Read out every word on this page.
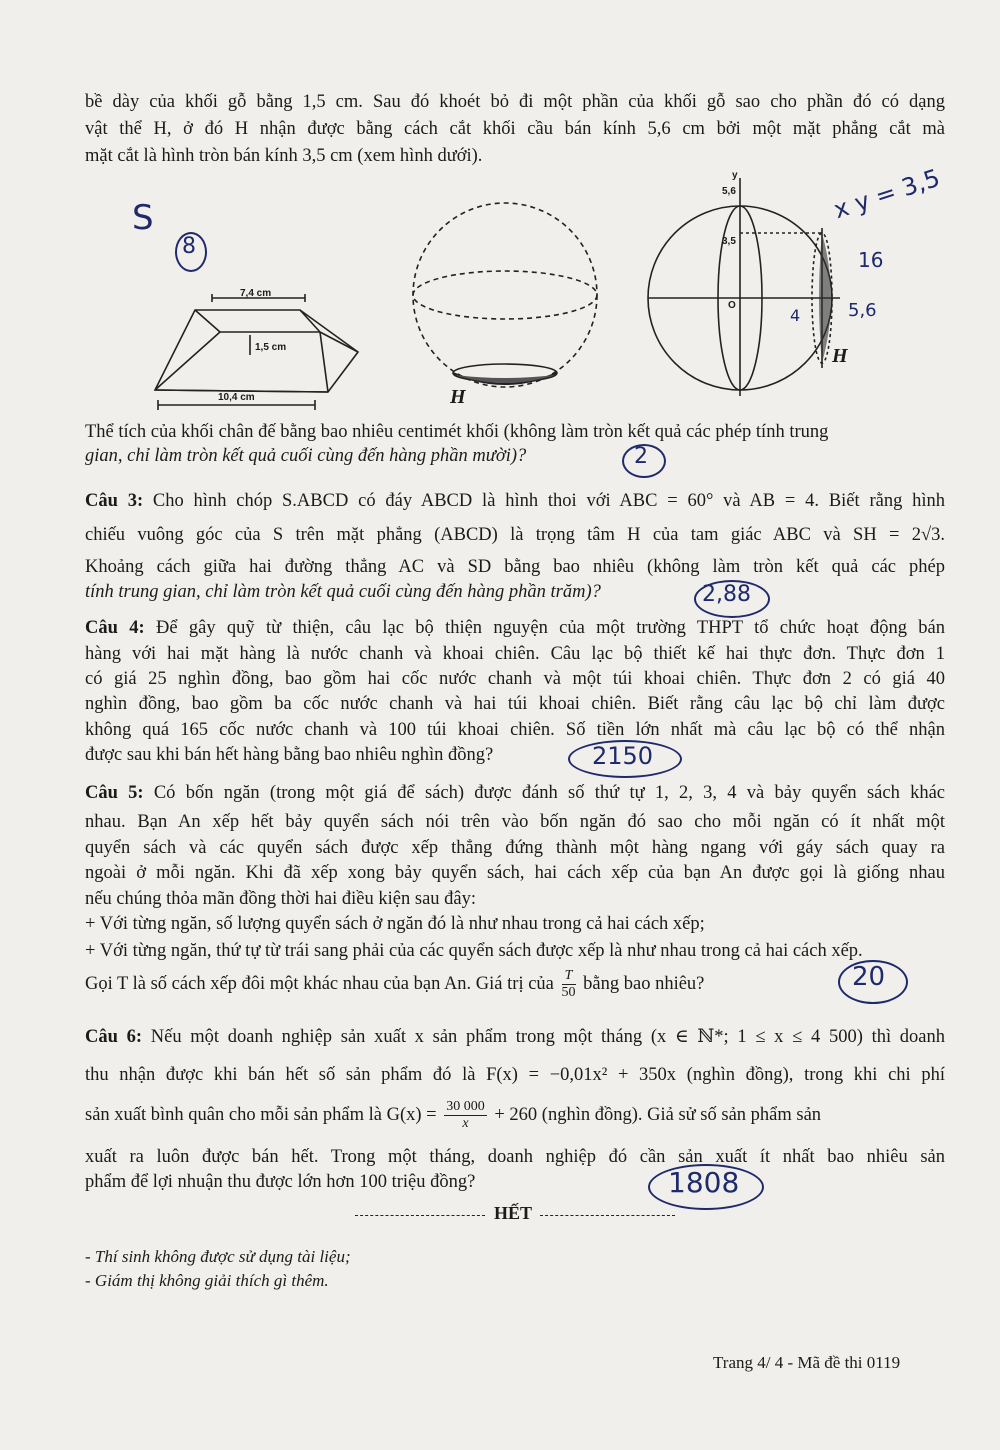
bề dày của khối gỗ bằng 1,5 cm. Sau đó khoét bỏ đi một phần của khối gỗ sao cho phần đó có dạng
vật thể H, ở đó H nhận được bằng cách cắt khối cầu bán kính 5,6 cm bởi một mặt phẳng cắt mà
mặt cắt là hình tròn bán kính 3,5 cm (xem hình dưới).
7,4 cm
1,5 cm
10,4 cm	H
y
5,6
3,5
O
H
S
8
x y = 3,5
16
4	5,6
Thể tích của khối chân đế bằng bao nhiêu centimét khối (không làm tròn kết quả các phép tính trung
gian, chỉ làm tròn kết quả cuối cùng đến hàng phần mười)?	2
Câu 3: Cho hình chóp S.ABCD có đáy ABCD là hình thoi với ABC = 60° và AB = 4. Biết rằng hình
chiếu vuông góc của S trên mặt phẳng (ABCD) là trọng tâm H của tam giác ABC và SH = 2√3.
Khoảng cách giữa hai đường thẳng AC và SD bằng bao nhiêu (không làm tròn kết quả các phép
tính trung gian, chỉ làm tròn kết quả cuối cùng đến hàng phần trăm)?	2,88
Câu 4: Để gây quỹ từ thiện, câu lạc bộ thiện nguyện của một trường THPT tổ chức hoạt động bán
hàng với hai mặt hàng là nước chanh và khoai chiên. Câu lạc bộ thiết kế hai thực đơn. Thực đơn 1
có giá 25 nghìn đồng, bao gồm hai cốc nước chanh và một túi khoai chiên. Thực đơn 2 có giá 40
nghìn đồng, bao gồm ba cốc nước chanh và hai túi khoai chiên. Biết rằng câu lạc bộ chỉ làm được
không quá 165 cốc nước chanh và 100 túi khoai chiên. Số tiền lớn nhất mà câu lạc bộ có thể nhận
được sau khi bán hết hàng bằng bao nhiêu nghìn đồng?	2150
Câu 5: Có bốn ngăn (trong một giá để sách) được đánh số thứ tự 1, 2, 3, 4 và bảy quyển sách khác
nhau. Bạn An xếp hết bảy quyển sách nói trên vào bốn ngăn đó sao cho mỗi ngăn có ít nhất một
quyển sách và các quyển sách được xếp thẳng đứng thành một hàng ngang với gáy sách quay ra
ngoài ở mỗi ngăn. Khi đã xếp xong bảy quyển sách, hai cách xếp của bạn An được gọi là giống nhau
nếu chúng thỏa mãn đồng thời hai điều kiện sau đây:
+ Với từng ngăn, số lượng quyển sách ở ngăn đó là như nhau trong cả hai cách xếp;
+ Với từng ngăn, thứ tự từ trái sang phải của các quyển sách được xếp là như nhau trong cả hai cách xếp.
Gọi T là số cách xếp đôi một khác nhau của bạn An. Giá trị của $\frac{T}{50}$ bằng bao nhiêu?	20
Câu 6: Nếu một doanh nghiệp sản xuất x sản phẩm trong một tháng (x ∈ ℕ*; 1 ≤ x ≤ 4 500) thì doanh
thu nhận được khi bán hết số sản phẩm đó là F(x) = −0,01x² + 350x (nghìn đồng), trong khi chi phí
sản xuất bình quân cho mỗi sản phẩm là $G(x) = \frac{30 000}{x} + 260$ (nghìn đồng). Giả sử số sản phẩm sản
xuất ra luôn được bán hết. Trong một tháng, doanh nghiệp đó cần sản xuất ít nhất bao nhiêu sản
phẩm để lợi nhuận thu được lớn hơn 100 triệu đồng?	1808
HẾT
- Thí sinh không được sử dụng tài liệu;
- Giám thị không giải thích gì thêm.
Trang 4/ 4 - Mã đề thi 0119
